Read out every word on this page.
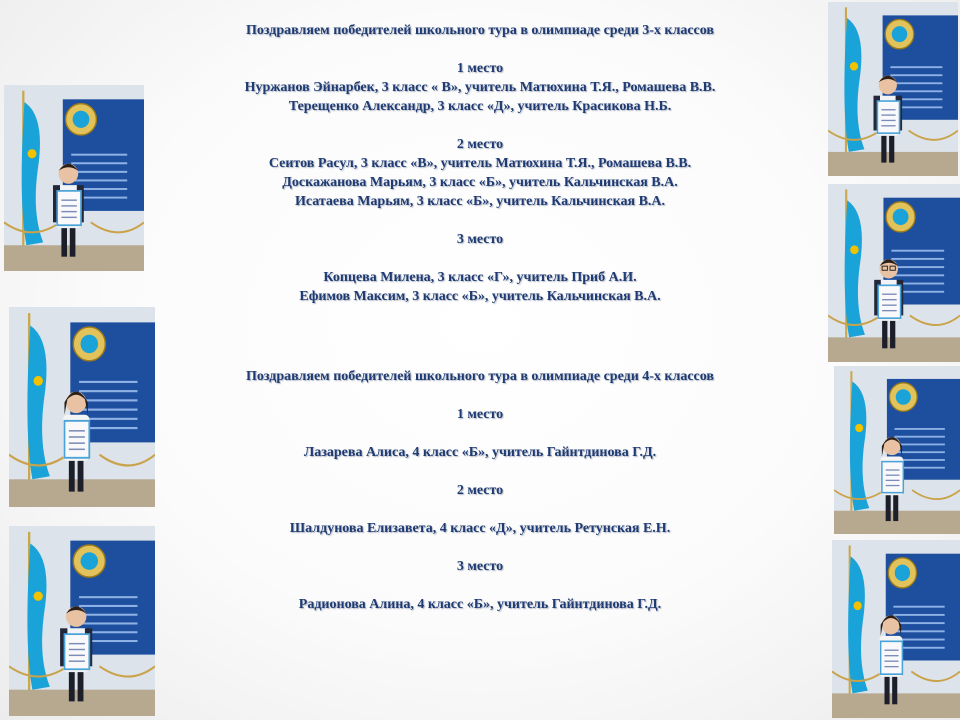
Поздравляем победителей школьного тура в олимпиаде среди 3-х классов
1 место
Нуржанов Эйнарбек, 3 класс « В», учитель Матюхина Т.Я., Ромашева В.В.
Терещенко Александр, 3 класс «Д», учитель Красикова Н.Б.
2 место
Сеитов Расул, 3 класс «В», учитель Матюхина Т.Я., Ромашева В.В.
Доскажанова Марьям, 3 класс «Б», учитель Кальчинская В.А.
Исатаева Марьям, 3 класс «Б», учитель Кальчинская В.А.
3 место
Копцева Милена, 3 класс «Г», учитель Приб А.И.
Ефимов Максим, 3 класс «Б», учитель Кальчинская В.А.
Поздравляем победителей школьного тура в олимпиаде среди 4-х классов
1 место
Лазарева Алиса, 4 класс «Б», учитель Гайнтдинова Г.Д.
2 место
Шалдунова Елизавета, 4 класс «Д», учитель Ретунская Е.Н.
3 место
Радионова Алина, 4 класс «Б», учитель Гайнтдинова Г.Д.
